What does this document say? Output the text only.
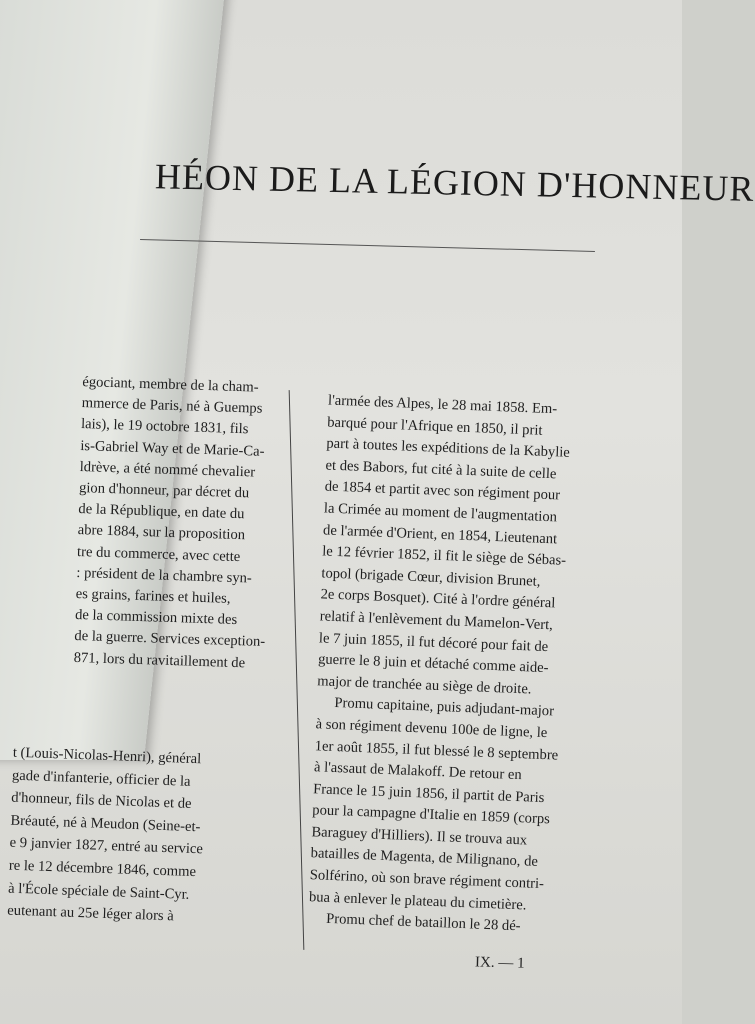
HÉON DE LA LÉGION D'HONNEUR
égociant, membre de la cham-
mmerce de Paris, né à Guemps
lais), le 19 octobre 1831, fils
is-Gabriel Way et de Marie-Ca-
ldrève, a été nommé chevalier
gion d'honneur, par décret du
de la République, en date du
abre 1884, sur la proposition
tre du commerce, avec cette
: président de la chambre syn-
es grains, farines et huiles,
de la commission mixte des
de la guerre. Services exception-
871, lors du ravitaillement de
t (Louis-Nicolas-Henri), général
gade d'infanterie, officier de la
d'honneur, fils de Nicolas et de
Bréauté, né à Meudon (Seine-et-
e 9 janvier 1827, entré au service
re le 12 décembre 1846, comme
à l'École spéciale de Saint-Cyr.
eutenant au 25e léger alors à
l'armée des Alpes, le 28 mai 1858. Em-
barqué pour l'Afrique en 1850, il prit
part à toutes les expéditions de la Kabylie
et des Babors, fut cité à la suite de celle
de 1854 et partit avec son régiment pour
la Crimée au moment de l'augmentation
de l'armée d'Orient, en 1854, Lieutenant
le 12 février 1852, il fit le siège de Sébas-
topol (brigade Cœur, division Brunet,
2e corps Bosquet). Cité à l'ordre général
relatif à l'enlèvement du Mamelon-Vert,
le 7 juin 1855, il fut décoré pour fait de
guerre le 8 juin et détaché comme aide-
major de tranchée au siège de droite.
Promu capitaine, puis adjudant-major
à son régiment devenu 100e de ligne, le
1er août 1855, il fut blessé le 8 septembre
à l'assaut de Malakoff. De retour en
France le 15 juin 1856, il partit de Paris
pour la campagne d'Italie en 1859 (corps
Baraguey d'Hilliers). Il se trouva aux
batailles de Magenta, de Milignano, de
Solférino, où son brave régiment contri-
bua à enlever le plateau du cimetière.
Promu chef de bataillon le 28 dé-
IX. — 1
